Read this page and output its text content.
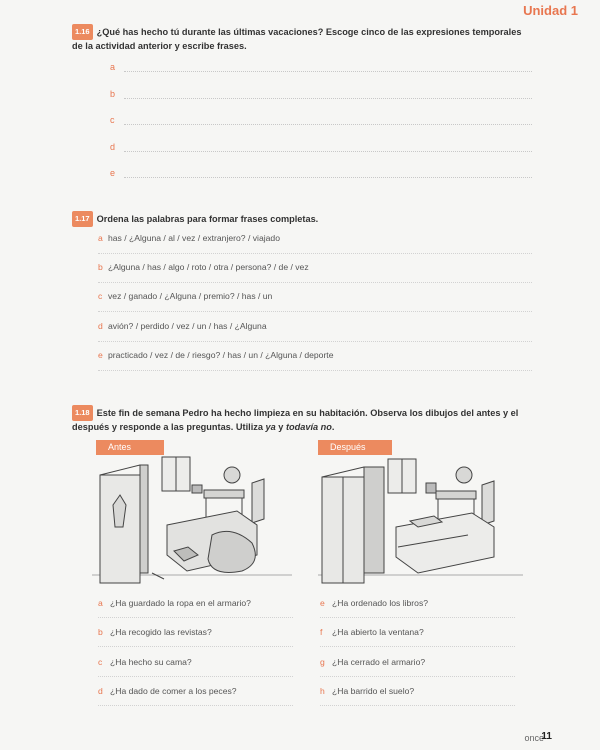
Unidad 1
1.16 ¿Qué has hecho tú durante las últimas vacaciones? Escoge cinco de las expresiones temporales de la actividad anterior y escribe frases.
a
b
c
d
e
1.17 Ordena las palabras para formar frases completas.
a has / ¿Alguna / al / vez / extranjero? / viajado
b ¿Alguna / has / algo / roto / otra / persona? / de / vez
c vez / ganado / ¿Alguna / premio? / has / un
d avión? / perdido / vez / un / has / ¿Alguna
e practicado / vez / de / riesgo? / has / un / ¿Alguna / deporte
1.18 Este fin de semana Pedro ha hecho limpieza en su habitación. Observa los dibujos del antes y el después y responde a las preguntas. Utiliza ya y todavía no.
Antes	Después
a ¿Ha guardado la ropa en el armario?
b ¿Ha recogido las revistas?
c ¿Ha hecho su cama?
d ¿Ha dado de comer a los peces?
e ¿Ha ordenado los libros?
f ¿Ha abierto la ventana?
g ¿Ha cerrado el armario?
h ¿Ha barrido el suelo?
once
11
